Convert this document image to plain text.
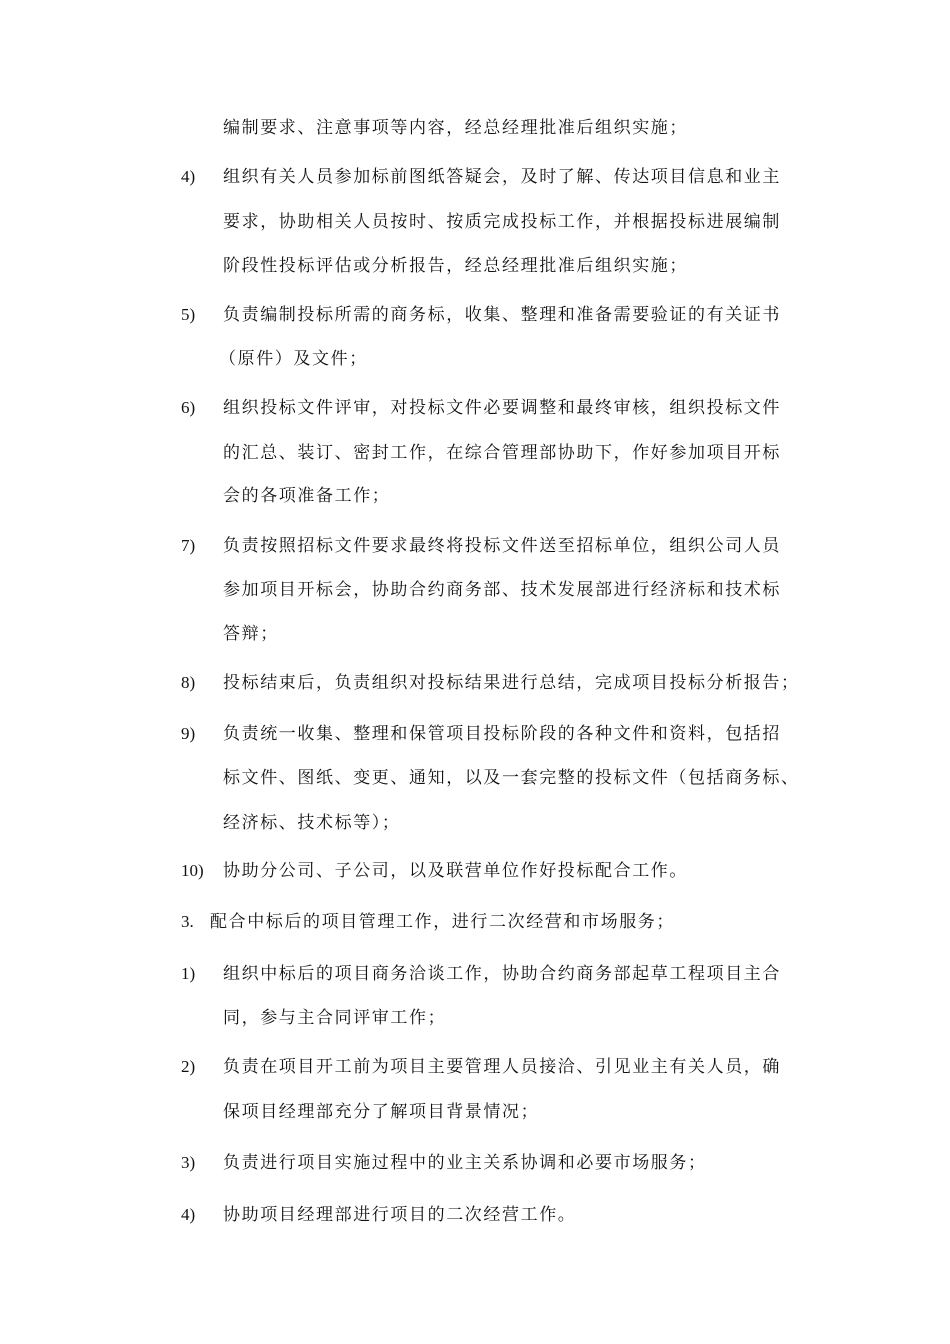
编制要求、注意事项等内容，经总经理批准后组织实施；
4) 组织有关人员参加标前图纸答疑会，及时了解、传达项目信息和业主
要求，协助相关人员按时、按质完成投标工作，并根据投标进展编制
阶段性投标评估或分析报告，经总经理批准后组织实施；
5) 负责编制投标所需的商务标，收集、整理和准备需要验证的有关证书
（原件）及文件；
6) 组织投标文件评审，对投标文件必要调整和最终审核，组织投标文件
的汇总、装订、密封工作，在综合管理部协助下，作好参加项目开标
会的各项准备工作；
7) 负责按照招标文件要求最终将投标文件送至招标单位，组织公司人员
参加项目开标会，协助合约商务部、技术发展部进行经济标和技术标
答辩；
8) 投标结束后，负责组织对投标结果进行总结，完成项目投标分析报告；
9) 负责统一收集、整理和保管项目投标阶段的各种文件和资料，包括招
标文件、图纸、变更、通知，以及一套完整的投标文件（包括商务标、
经济标、技术标等）；
10) 协助分公司、子公司，以及联营单位作好投标配合工作。
3. 配合中标后的项目管理工作，进行二次经营和市场服务；
1) 组织中标后的项目商务洽谈工作，协助合约商务部起草工程项目主合
同，参与主合同评审工作；
2) 负责在项目开工前为项目主要管理人员接洽、引见业主有关人员，确
保项目经理部充分了解项目背景情况；
3) 负责进行项目实施过程中的业主关系协调和必要市场服务；
4) 协助项目经理部进行项目的二次经营工作。
